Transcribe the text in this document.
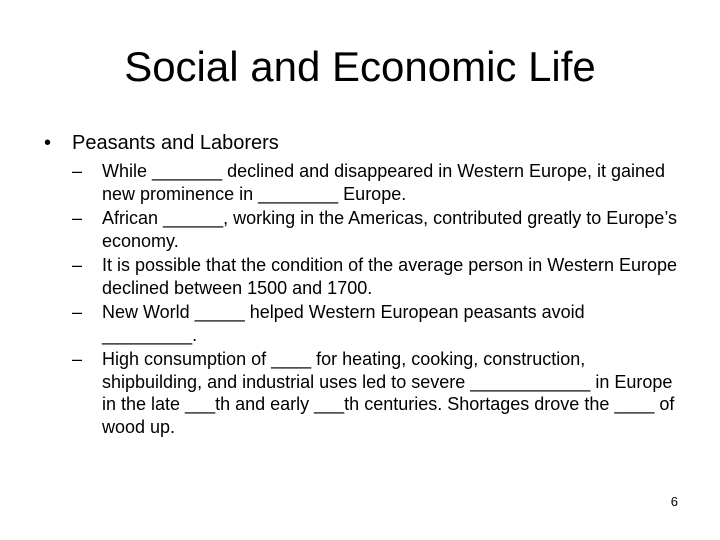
Social and Economic Life
•	Peasants and Laborers
–	While _______ declined and disappeared in Western Europe, it gained new prominence in ________ Europe.
–	African ______, working in the Americas, contributed greatly to Europe’s economy.
–	It is possible that the condition of the average person in Western Europe declined between 1500 and 1700.
–	New World _____ helped Western European peasants avoid _________.
–	High consumption of ____ for heating, cooking, construction, shipbuilding, and industrial uses led to severe ____________ in Europe in the late ___th and early ___th centuries. Shortages drove the ____ of wood up.
6
